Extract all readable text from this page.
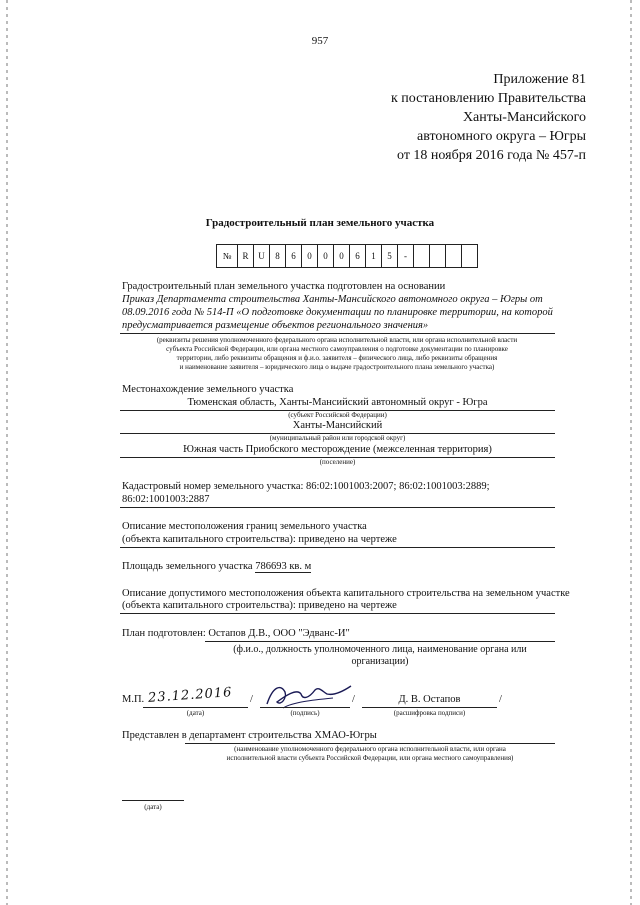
957
Приложение 81
к постановлению Правительства
Ханты-Мансийского
автономного округа – Югры
от 18 ноября 2016 года № 457-п
Градостроительный план земельного участка
№	R	U	8	6	0	0	0	6	1	5	-
Градостроительный план земельного участка подготовлен на основании
Приказ Департамента строительства Ханты-Мансийского автономного округа – Югры от
08.09.2016 года № 514-П «О подготовке документации по планировке территории, на которой
предусматривается размещение объектов регионального значения»
(реквизиты решения уполномоченного федерального органа исполнительной власти, или органа исполнительной власти
субъекта Российской Федерации, или органа местного самоуправления о подготовке документации по планировке
территории, либо реквизиты обращения и ф.и.о. заявителя – физического лица, либо реквизиты обращения
и наименование заявителя – юридического лица о выдаче градостроительного плана земельного участка)
Местонахождение земельного участка
Тюменская область, Ханты-Мансийский автономный округ - Югра
(субъект Российской Федерации)
Ханты-Мансийский
(муниципальный район или городской округ)
Южная часть Приобского месторождение (межселенная территория)
(поселение)
Кадастровый номер земельного участка: 86:02:1001003:2007; 86:02:1001003:2889;
86:02:1001003:2887
Описание местоположения границ земельного участка
(объекта капитального строительства): приведено на чертеже
Площадь земельного участка 786693 кв. м
Описание допустимого местоположения объекта капитального строительства на земельном участке
(объекта капитального строительства): приведено на чертеже
План подготовлен: Остапов Д.В., ООО "Эдванс-И"
(ф.и.о., должность уполномоченного лица, наименование органа или
организации)
М.П. 23.12.2016
(дата)
/
(подпись)
/	Д. В. Остапов
(расшифровка подписи)
/
Представлен в департамент строительства ХМАО-Югры
(наименование уполномоченного федерального органа исполнительной власти, или органа
исполнительной власти субъекта Российской Федерации, или органа местного самоуправления)
(дата)
